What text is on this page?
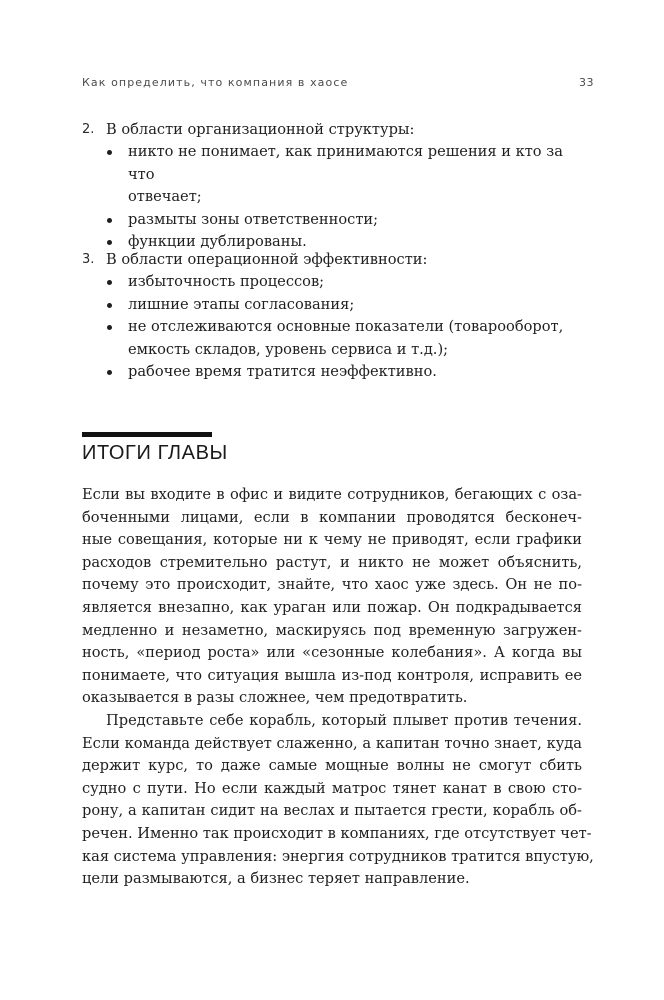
Как определить, что компания в хаосе	33
2. В области организационной структуры:
никто не понимает, как принимаются решения и кто за что
отвечает;
размыты зоны ответственности;
функции дублированы.
3. В области операционной эффективности:
избыточность процессов;
лишние этапы согласования;
не отслеживаются основные показатели (товарооборот,
емкость складов, уровень сервиса и т.д.);
рабочее время тратится неэффективно.
ИТОГИ ГЛАВЫ

Если вы входите в офис и видите сотрудников, бегающих с оза-
боченными лицами, если в компании проводятся бесконеч-
ные совещания, которые ни к чему не приводят, если графики
расходов стремительно растут, и никто не может объяснить,
почему это происходит, знайте, что хаос уже здесь. Он не по-
является внезапно, как ураган или пожар. Он подкрадывается
медленно и незаметно, маскируясь под временную загружен-
ность, «период роста» или «сезонные колебания». А когда вы
понимаете, что ситуация вышла из-под контроля, исправить ее
оказывается в разы сложнее, чем предотвратить.

Представьте себе корабль, который плывет против течения.
Если команда действует слаженно, а капитан точно знает, куда
держит курс, то даже самые мощные волны не смогут сбить
судно с пути. Но если каждый матрос тянет канат в свою сто-
рону, а капитан сидит на веслах и пытается грести, корабль об-
речен. Именно так происходит в компаниях, где отсутствует чет-
кая система управления: энергия сотрудников тратится впустую,
цели размываются, а бизнес теряет направление.
